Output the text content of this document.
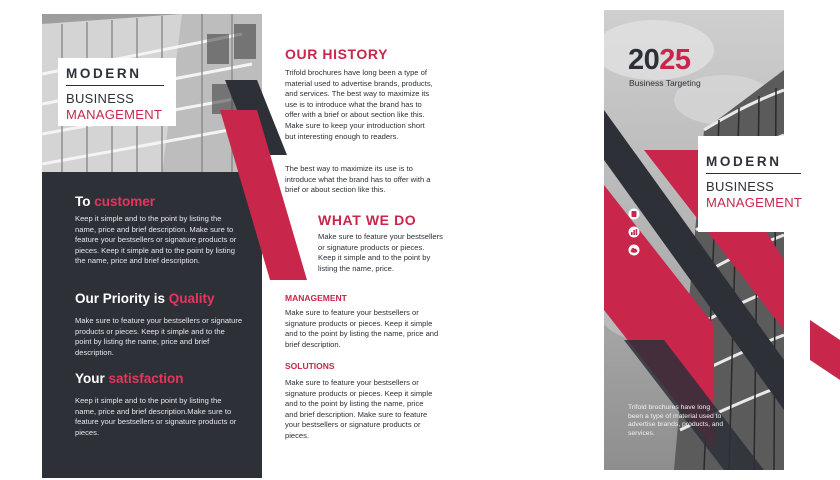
MODERN
BUSINESS
MANAGEMENT
To customer
Keep it simple and to the point by listing the name, price and brief description. Make sure to feature your bestsellers or signature products or pieces. Keep it simple and to the point by listing the name, price and brief description.
Our Priority is Quality
Make sure to feature your bestsellers or signature products or pieces. Keep it simple and to the point by listing the name, price and brief description.
Your satisfaction
Keep it simple and to the point by listing the name, price and brief description.Make sure to feature your bestsellers or signature products or pieces.
OUR HISTORY
Trifold brochures have long been a type of material used to advertise brands, products, and services. The best way to maximize its use is to introduce what the brand has to offer with a brief or about section like this. Make sure to keep your introduction short but interesting enough to readers.
The best way to maximize its use is to introduce what the brand has to offer with a brief or about section like this.
WHAT WE DO
Make sure to feature your bestsellers or signature products or pieces. Keep it simple and to the point by listing the name, price.
MANAGEMENT
Make sure to feature your bestsellers or signature products or pieces. Keep it simple and to the point by listing the name, price and brief description.
SOLUTIONS
Make sure to feature your bestsellers or signature products or pieces. Keep it simple and to the point by listing the name, price and brief description. Make sure to feature your bestsellers or signature products or pieces.
2025
Business Targeting
MODERN
BUSINESS
MANAGEMENT
Trifold brochures have long been a type of material used to advertise brands, products, and services.
